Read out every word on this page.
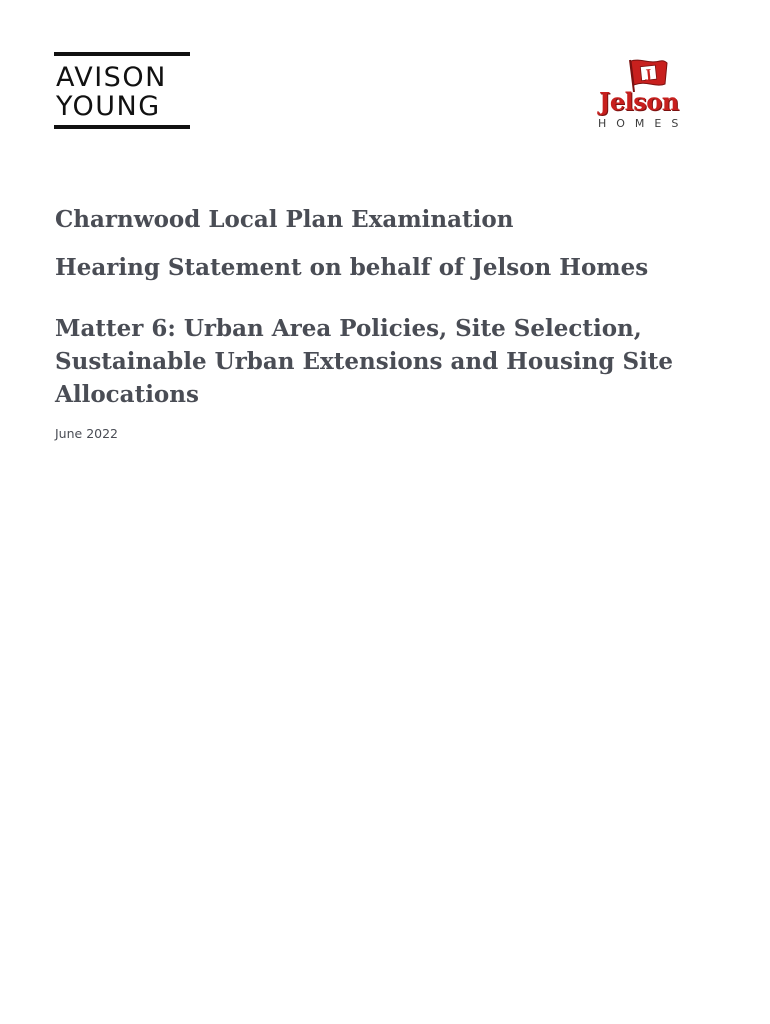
AVISON
YOUNG
J
Jelson
HOMES
Charnwood Local Plan Examination
Hearing Statement on behalf of Jelson Homes
Matter 6: Urban Area Policies, Site Selection, Sustainable Urban Extensions and Housing Site Allocations
June 2022
